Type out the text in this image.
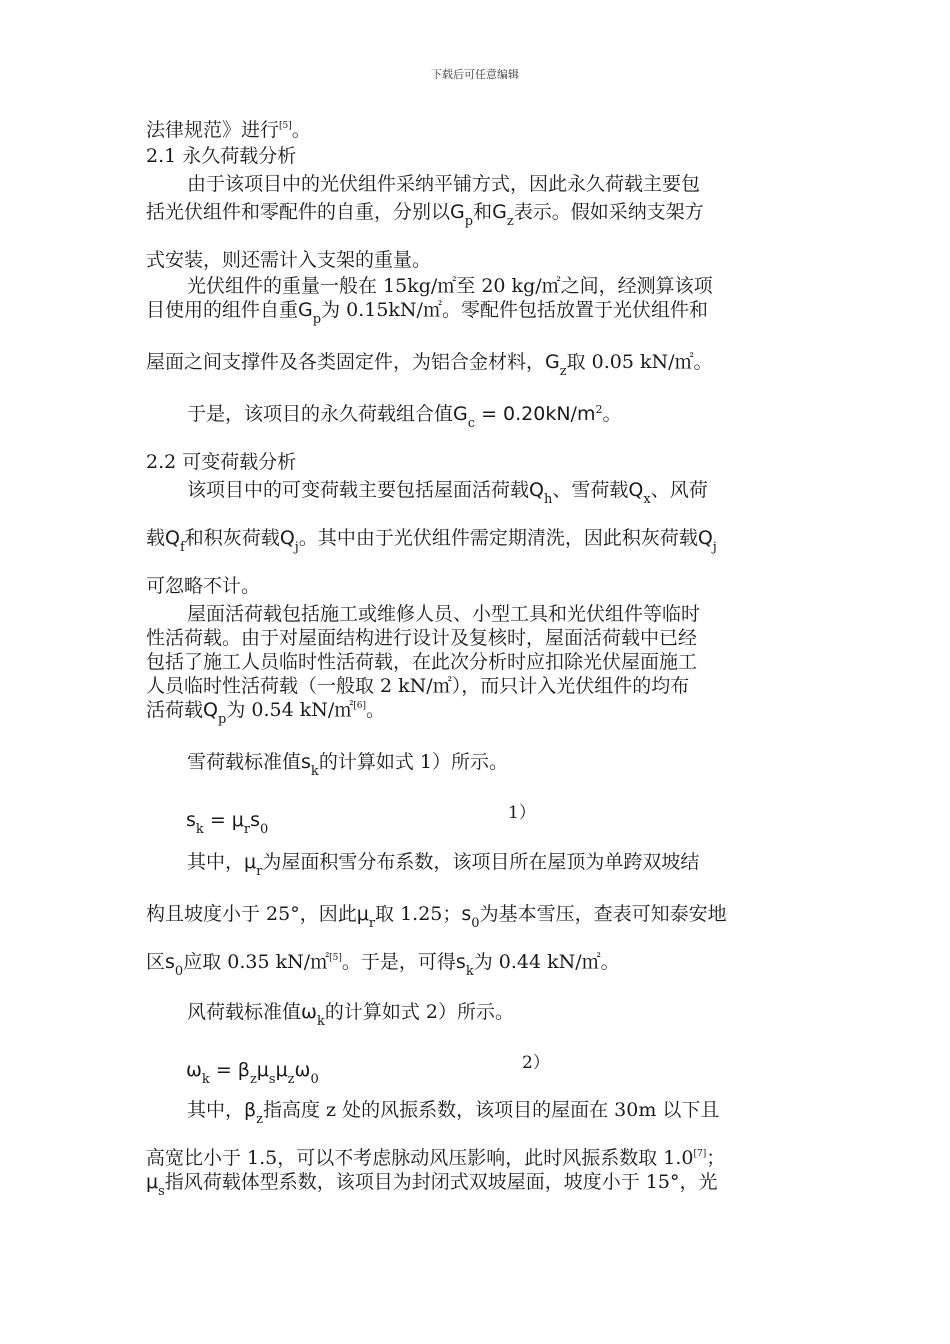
下载后可任意编辑
法律规范》进行[5]。
2.1 永久荷载分析
由于该项目中的光伏组件采纳平铺方式，因此永久荷载主要包
括光伏组件和零配件的自重，分别以$G_p$和$G_z$表示。假如采纳支架方
式安装，则还需计入支架的重量。
光伏组件的重量一般在 15kg/㎡至 20 kg/㎡之间，经测算该项
目使用的组件自重$G_p$为 0.15kN/㎡。零配件包括放置于光伏组件和
屋面之间支撑件及各类固定件，为铝合金材料，$G_z$取 0.05 kN/㎡。
于是，该项目的永久荷载组合值$G_c = 0.20kN/m^2$。
2.2 可变荷载分析
该项目中的可变荷载主要包括屋面活荷载$Q_h$、雪荷载$Q_x$、风荷
载$Q_f$和积灰荷载$Q_j$。其中由于光伏组件需定期清洗，因此积灰荷载$Q_j$
可忽略不计。
屋面活荷载包括施工或维修人员、小型工具和光伏组件等临时
性活荷载。由于对屋面结构进行设计及复核时，屋面活荷载中已经
包括了施工人员临时性活荷载，在此次分析时应扣除光伏屋面施工
人员临时性活荷载（一般取 2 kN/㎡），而只计入光伏组件的均布
活荷载$Q_p$为 0.54 kN/㎡[6]。
雪荷载标准值$s_k$的计算如式 1）所示。
$s_k = \mu_rs_0$
1）
其中，$\mu_r$为屋面积雪分布系数，该项目所在屋顶为单跨双坡结
构且坡度小于 25°，因此$\mu_r$取 1.25；$s_0$为基本雪压，查表可知泰安地
区$s_0$应取 0.35 kN/㎡[5]。于是，可得$s_k$为 0.44 kN/㎡。
风荷载标准值$\omega_k$的计算如式 2）所示。
$\omega_k = \beta_z\mu_s\mu_z\omega_0$
2）
其中，$\beta_z$指高度 z 处的风振系数，该项目的屋面在 30m 以下且
高宽比小于 1.5，可以不考虑脉动风压影响，此时风振系数取 1.0[7]；
$\mu_s$指风荷载体型系数，该项目为封闭式双坡屋面，坡度小于 15°，光
